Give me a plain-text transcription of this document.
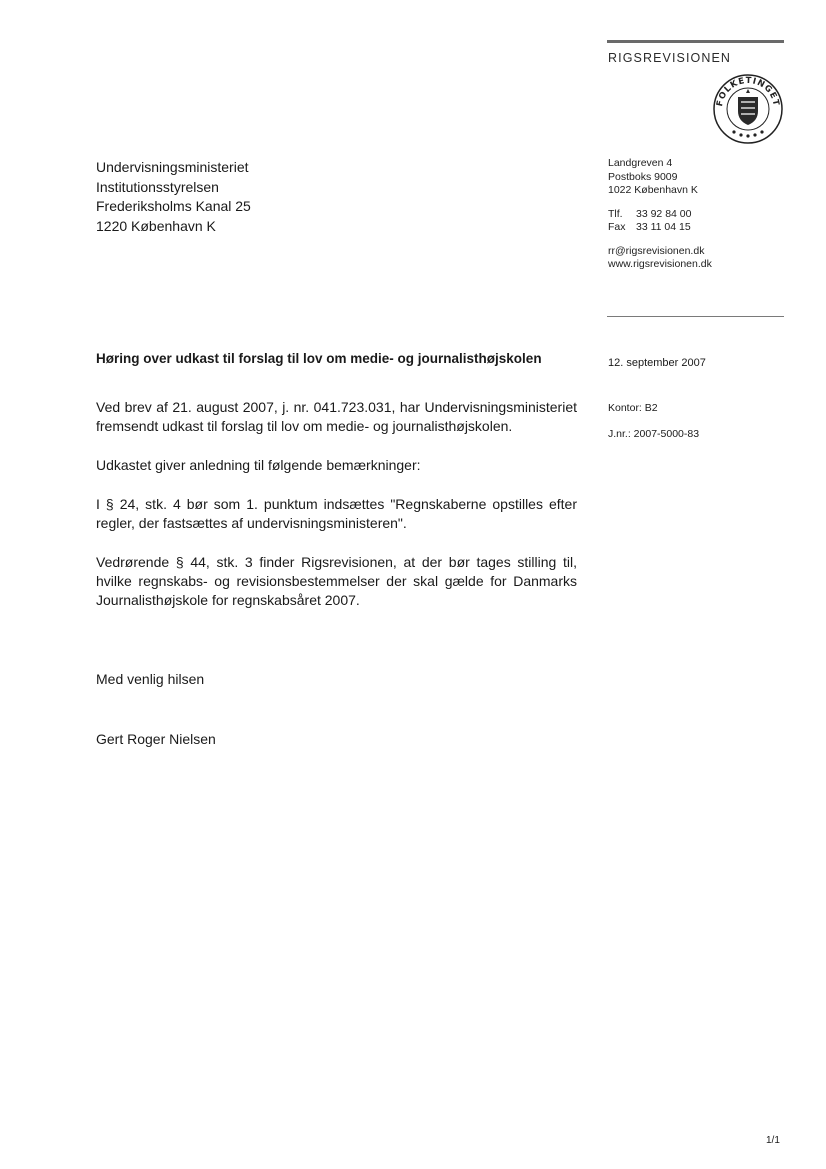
RIGSREVISIONEN
FOLKETINGET
Undervisningsministeriet
Institutionsstyrelsen
Frederiksholms Kanal 25
1220 København K
Landgreven 4
Postboks 9009
1022 København K
Tlf. 33 92 84 00
Fax 33 11 04 15
rr@rigsrevisionen.dk
www.rigsrevisionen.dk
Høring over udkast til forslag til lov om medie- og journalisthøjskolen	12. september 2007
Kontor: B2
J.nr.: 2007-5000-83

Ved brev af 21. august 2007, j. nr. 041.723.031, har Undervisningsministeriet fremsendt udkast til forslag til lov om medie- og journalisthøjskolen.

Udkastet giver anledning til følgende bemærkninger:

I § 24, stk. 4 bør som 1. punktum indsættes "Regnskaberne opstilles efter regler, der fastsættes af undervisningsministeren".

Vedrørende § 44, stk. 3 finder Rigsrevisionen, at der bør tages stilling til, hvilke regnskabs- og revisionsbestemmelser der skal gælde for Danmarks Journalisthøjskole for regnskabsåret 2007.

Med venlig hilsen
Gert Roger Nielsen
1/1
